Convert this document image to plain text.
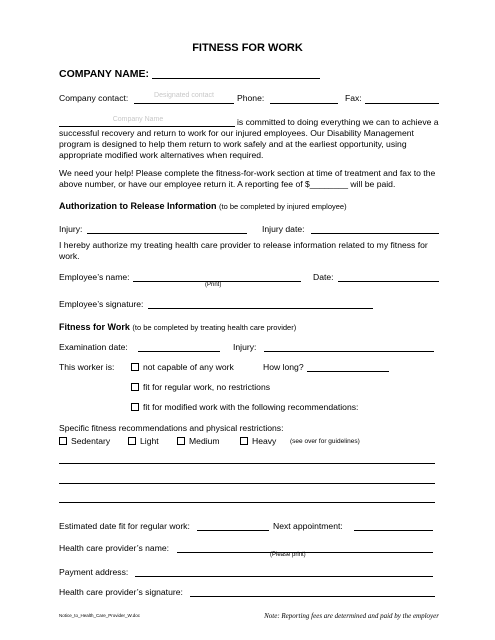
FITNESS FOR WORK
COMPANY NAME:
Company contact:	Designated contact	Phone:	Fax:
Company Name	is committed to doing everything we can to achieve a successful recovery and return to work for our injured employees. Our Disability Management program is designed to help them return to work safely and at the earliest opportunity, using appropriate modified work alternatives when required.
We need your help! Please complete the fitness-for-work section at time of treatment and fax to the above number, or have our employee return it. A reporting fee of $________ will be paid.
Authorization to Release Information (to be completed by injured employee)
Injury:	Injury date:
I hereby authorize my treating health care provider to release information related to my fitness for work.
Employee’s name:
(Print)
Date:
Employee’s signature:
Fitness for Work (to be completed by treating health care provider)
Examination date:	Injury:
This worker is:	not capable of any work	How long?
fit for regular work, no restrictions
fit for modified work with the following recommendations:
Specific fitness recommendations and physical restrictions:
Sedentary	Light	Medium	Heavy (see over for guidelines)
Estimated date fit for regular work:	Next appointment:
Health care provider’s name:
(Please print)
Payment address:
Health care provider’s signature:
Notice_to_Health_Care_Provider_W.doc	Note: Reporting fees are determined and paid by the employer
